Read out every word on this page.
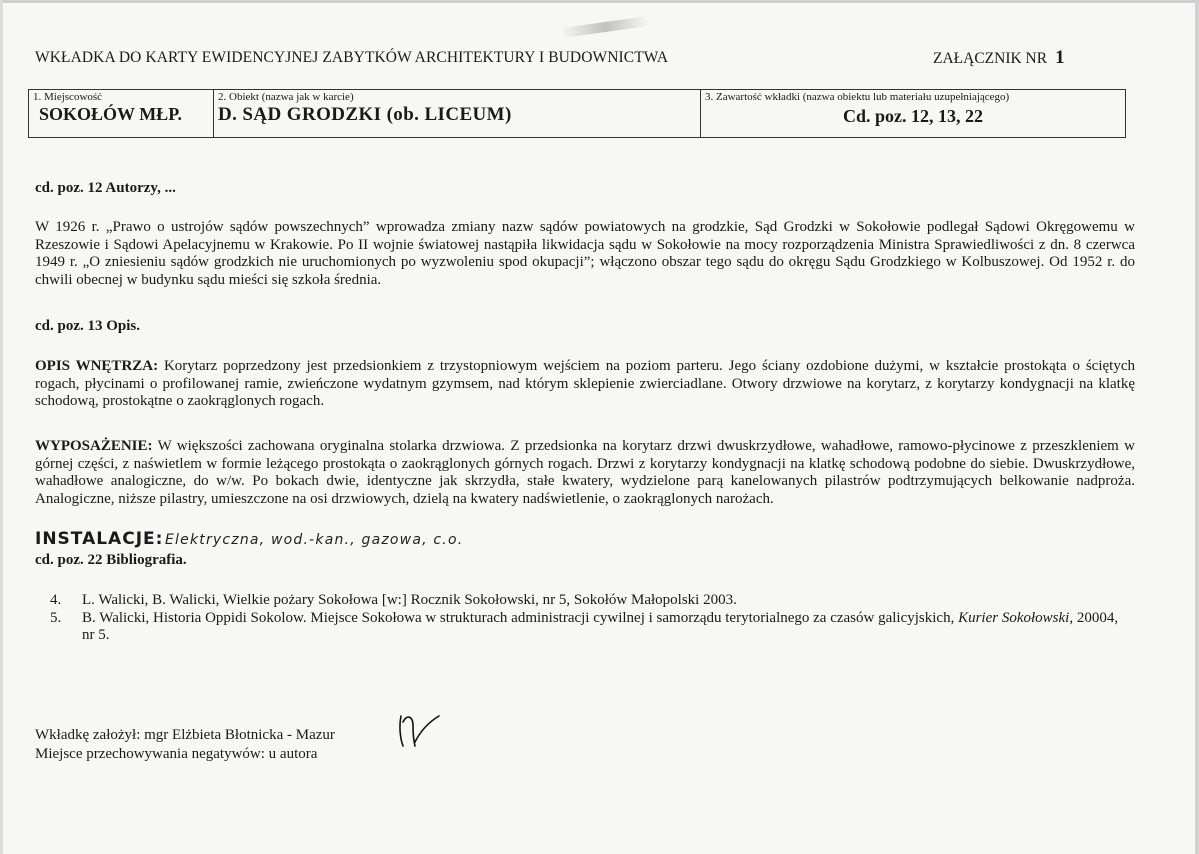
WKŁADKA DO KARTY EWIDENCYJNEJ ZABYTKÓW ARCHITEKTURY I BUDOWNICTWA	ZAŁĄCZNIK NR 1
1. Miejscowość
SOKOŁÓW MŁP.
2. Obiekt (nazwa jak w karcie)
D. SĄD GRODZKI (ob. LICEUM)
3. Zawartość wkładki (nazwa obiektu lub materiału uzupełniającego)
Cd. poz. 12, 13, 22
cd. poz. 12 Autorzy, ...
W 1926 r. „Prawo o ustrojów sądów powszechnych” wprowadza zmiany nazw sądów powiatowych na grodzkie, Sąd Grodzki w Sokołowie podlegał Sądowi Okręgowemu w Rzeszowie i Sądowi Apelacyjnemu w Krakowie. Po II wojnie światowej nastąpiła likwidacja sądu w Sokołowie na mocy rozporządzenia Ministra Sprawiedliwości z dn. 8 czerwca 1949 r. „O zniesieniu sądów grodzkich nie uruchomionych po wyzwoleniu spod okupacji”; włączono obszar tego sądu do okręgu Sądu Grodzkiego w Kolbuszowej. Od 1952 r. do chwili obecnej w budynku sądu mieści się szkoła średnia.
cd. poz. 13 Opis.
OPIS WNĘTRZA: Korytarz poprzedzony jest przedsionkiem z trzystopniowym wejściem na poziom parteru. Jego ściany ozdobione dużymi, w kształcie prostokąta o ściętych rogach, płycinami o profilowanej ramie, zwieńczone wydatnym gzymsem, nad którym sklepienie zwierciadlane. Otwory drzwiowe na korytarz, z korytarzy kondygnacji na klatkę schodową, prostokątne o zaokrąglonych rogach.
WYPOSAŻENIE: W większości zachowana oryginalna stolarka drzwiowa. Z przedsionka na korytarz drzwi dwuskrzydłowe, wahadłowe, ramowo-płycinowe z przeszkleniem w górnej części, z naświetlem w formie leżącego prostokąta o zaokrąglonych górnych rogach. Drzwi z korytarzy kondygnacji na klatkę schodową podobne do siebie. Dwuskrzydłowe, wahadłowe analogiczne, do w/w. Po bokach dwie, identyczne jak skrzydła, stałe kwatery, wydzielone parą kanelowanych pilastrów podtrzymujących belkowanie nadproża. Analogiczne, niższe pilastry, umieszczone na osi drzwiowych, dzielą na kwatery nadświetlenie, o zaokrąglonych narożach.
INSTALACJE: Elektryczna, wod.-kan., gazowa, c.o.
cd. poz. 22 Bibliografia.
4.	L. Walicki, B. Walicki, Wielkie pożary Sokołowa [w:] Rocznik Sokołowski, nr 5, Sokołów Małopolski 2003.
5.	B. Walicki, Historia Oppidi Sokolow. Miejsce Sokołowa w strukturach administracji cywilnej i samorządu terytorialnego za czasów galicyjskich, Kurier Sokołowski, 20004, nr 5.
Wkładkę założył: mgr Elżbieta Błotnicka - Mazur
Miejsce przechowywania negatywów: u autora
